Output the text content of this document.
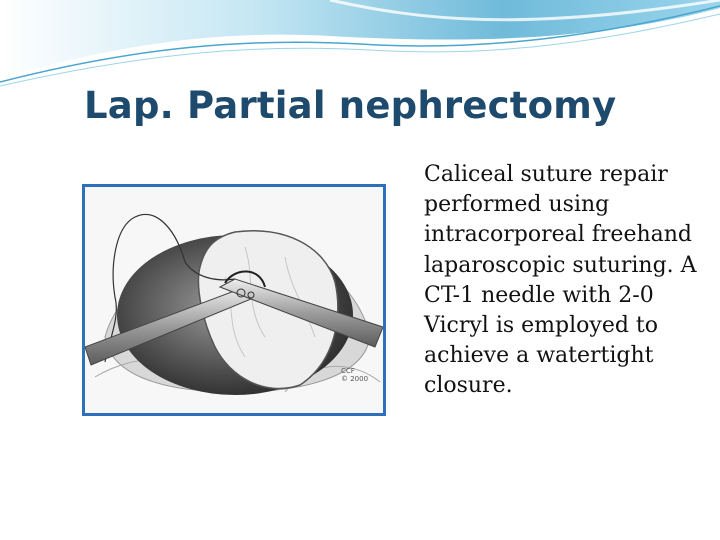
Lap. Partial nephrectomy
CCF
© 2000

Caliceal suture repair performed using intracorporeal freehand laparoscopic suturing. A CT-1 needle with 2-0 Vicryl is employed to achieve a watertight closure.
